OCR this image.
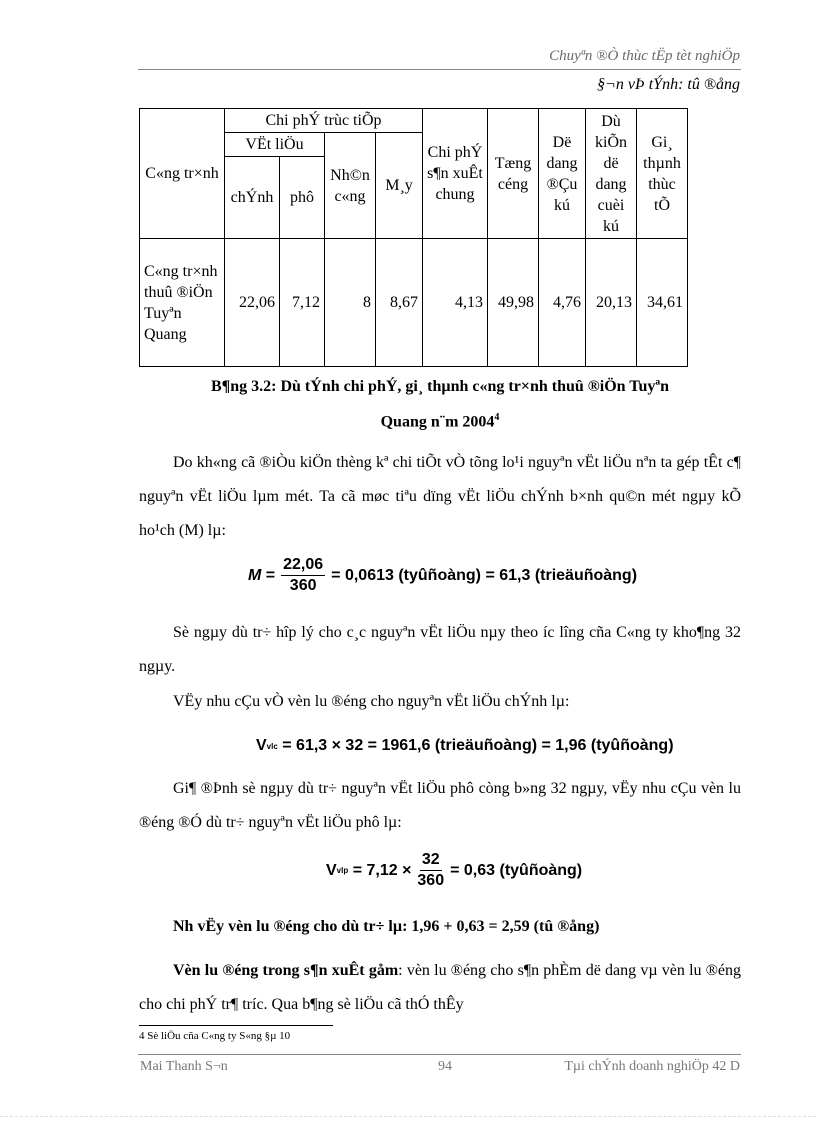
Chuyªn ®Ò thùc tËp tèt nghiÖp
§¬n vÞ tÝnh: tû ®ång
C«ng tr×nh	Chi phÝ trùc tiÕp				Chi phÝ s¶n xuÊt chung	Tæng céng	Dë dang ®Çu kú	Dù kiÕn dë dang cuèi kú	Gi¸ thµnh thùc tÕ
	VËt liÖu		Nh©n c«ng	M¸y					
	chÝnh	phô							
C«ng tr×nh thuû ®iÖn Tuyªn Quang	22,06	7,12	8	8,67	4,13	49,98	4,76	20,13	34,61
B¶ng 3.2: Dù tÝnh chi phÝ, gi¸ thµnh c«ng tr×nh thuû ®iÖn Tuyªn
Quang n¨m 2004$^4$
Do kh«ng cã ®iÒu kiÖn thèng kª chi tiÕt vÒ tõng lo¹i nguyªn vËt liÖu nªn ta gép tÊt c¶ nguyªn vËt liÖu lµm mét. Ta cã møc tiªu dïng vËt liÖu chÝnh b×nh qu©n mét ngµy kÕ ho¹ch (M) lµ:
$M = \frac{22,06}{360} = 0,0613$ (tyûñoàng) = 61,3 (trieäuñoàng)
Sè ngµy dù tr÷ hîp lý cho c¸c nguyªn vËt liÖu nµy theo íc lîng cña C«ng ty kho¶ng 32 ngµy.
VËy nhu cÇu vÒ vèn lu ®éng cho nguyªn vËt liÖu chÝnh lµ:
V vlc
= 61,3 × 32 = 1961,6 (trieäuñoàng) = 1,96 (tyûñoàng)
Gi¶ ®Þnh sè ngµy dù tr÷ nguyªn vËt liÖu phô còng b»ng 32 ngµy, vËy nhu cÇu vèn lu ®éng ®Ó dù tr÷ nguyªn vËt liÖu phô lµ:
V vlp
= $7,12 \times \frac{32}{360} = 0,63$ (tyûñoàng)
Nh vËy vèn lu ®éng cho dù tr÷ lµ: 1,96 + 0,63 = 2,59 (tû ®ång)
Vèn lu ®éng trong s¶n xuÊt gåm: vèn lu ®éng cho s¶n phÈm dë dang vµ vèn lu ®éng cho chi phÝ tr¶ tríc. Qua b¶ng sè liÖu cã thÓ thÊy
4 Sè liÖu cña C«ng ty S«ng §µ 10
Mai Thanh S¬n	94	Tµi chÝnh doanh nghiÖp 42 D
